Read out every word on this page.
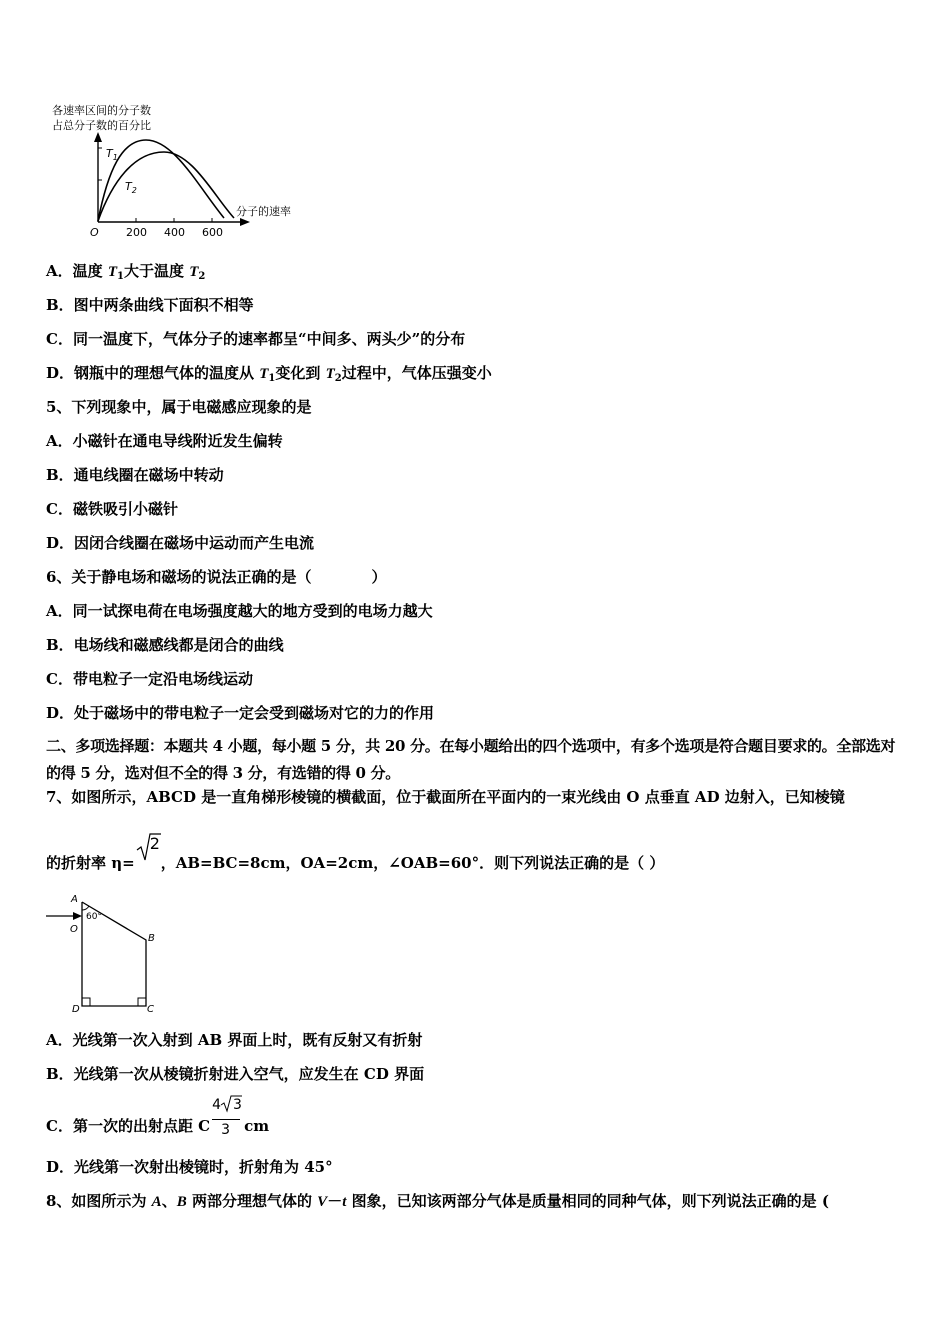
各速率区间的分子数
占总分子数的百分比
分子的速率
O 200 400 600
$T_1$
$T_2$
A．温度 $T_1$大于温度 $T_2$
B．图中两条曲线下面积不相等
C．同一温度下，气体分子的速率都呈“中间多、两头少”的分布
D．钢瓶中的理想气体的温度从 $T_1$变化到 $T_2$过程中，气体压强变小
5、下列现象中，属于电磁感应现象的是
A．小磁针在通电导线附近发生偏转
B．通电线圈在磁场中转动
C．磁铁吸引小磁针
D．因闭合线圈在磁场中运动而产生电流
6、关于静电场和磁场的说法正确的是（　　　　）
A．同一试探电荷在电场强度越大的地方受到的电场力越大
B．电场线和磁感线都是闭合的曲线
C．带电粒子一定沿电场线运动
D．处于磁场中的带电粒子一定会受到磁场对它的力的作用
二、多项选择题：本题共 4 小题，每小题 5 分，共 20 分。在每小题给出的四个选项中，有多个选项是符合题目要求的。全部选对的得 5 分，选对但不全的得 3 分，有选错的得 0 分。
7、如图所示，ABCD 是一直角梯形棱镜的横截面，位于截面所在平面内的一束光线由 O 点垂直 AD 边射入，已知棱镜
的折射率 η=
2
，AB=BC=8cm，OA=2cm，∠OAB=60°．则下列说法正确的是（ ）
A
O
60°
B
D	C
A．光线第一次入射到 AB 界面上时，既有反射又有折射
B．光线第一次从棱镜折射进入空气，应发生在 CD 界面
C．第一次的出射点距 C $\frac{4 3}{3}$ cm
D．光线第一次射出棱镜时，折射角为 45°
8、如图所示为 A、B 两部分理想气体的 V－t 图象，已知该两部分气体是质量相同的同种气体，则下列说法正确的是 (
